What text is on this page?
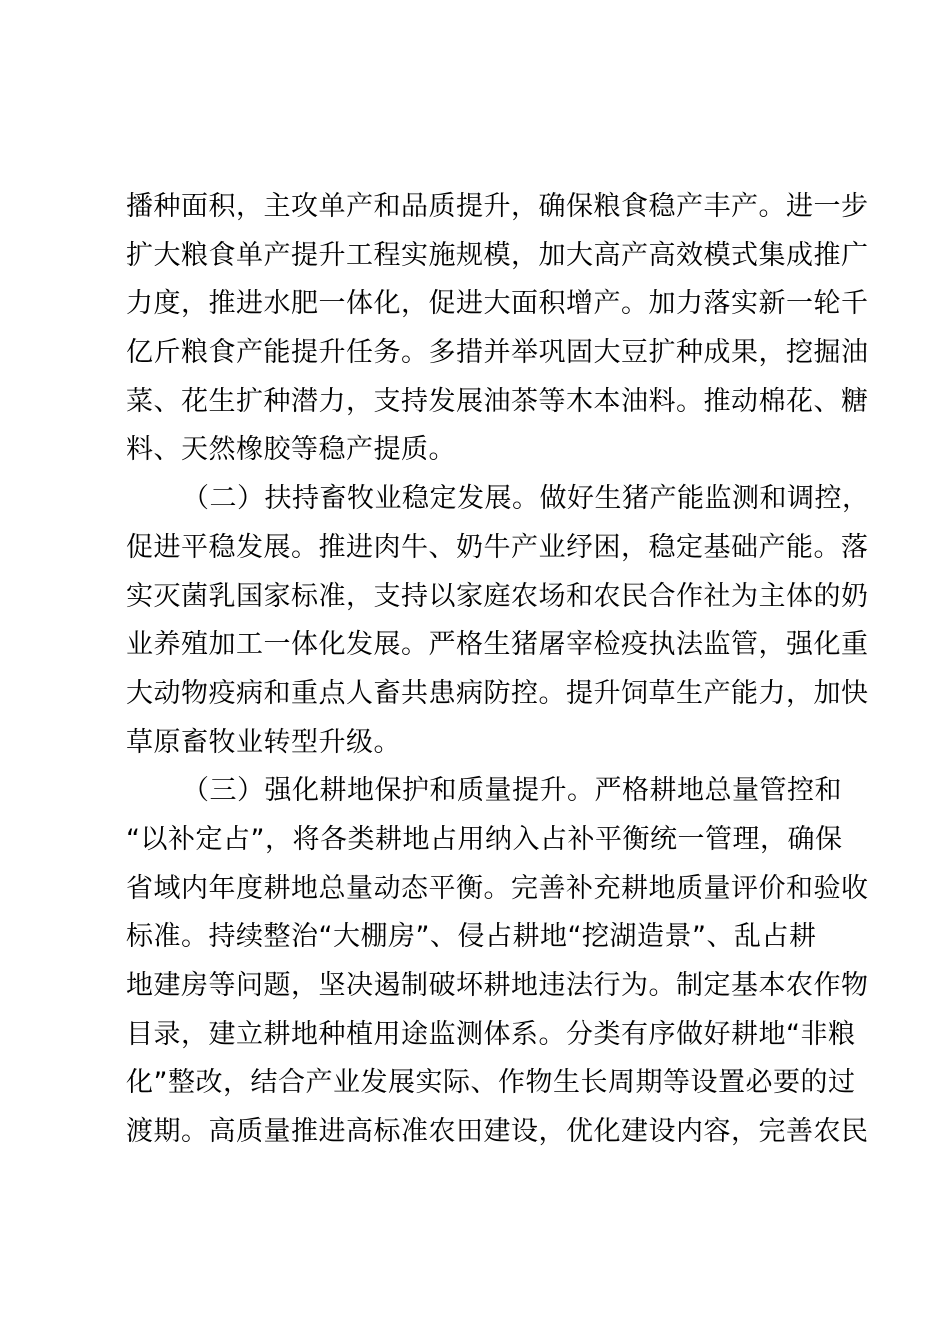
播种面积，主攻单产和品质提升，确保粮食稳产丰产。进一步
扩大粮食单产提升工程实施规模，加大高产高效模式集成推广
力度，推进水肥一体化，促进大面积增产。加力落实新一轮千
亿斤粮食产能提升任务。多措并举巩固大豆扩种成果，挖掘油
菜、花生扩种潜力，支持发展油茶等木本油料。推动棉花、糖
料、天然橡胶等稳产提质。
（二）扶持畜牧业稳定发展。做好生猪产能监测和调控，
促进平稳发展。推进肉牛、奶牛产业纾困，稳定基础产能。落
实灭菌乳国家标准，支持以家庭农场和农民合作社为主体的奶
业养殖加工一体化发展。严格生猪屠宰检疫执法监管，强化重
大动物疫病和重点人畜共患病防控。提升饲草生产能力，加快
草原畜牧业转型升级。
（三）强化耕地保护和质量提升。严格耕地总量管控和
“以补定占”，将各类耕地占用纳入占补平衡统一管理，确保
省域内年度耕地总量动态平衡。完善补充耕地质量评价和验收
标准。持续整治“大棚房”、侵占耕地“挖湖造景”、乱占耕
地建房等问题，坚决遏制破坏耕地违法行为。制定基本农作物
目录，建立耕地种植用途监测体系。分类有序做好耕地“非粮
化”整改，结合产业发展实际、作物生长周期等设置必要的过
渡期。高质量推进高标准农田建设，优化建设内容，完善农民
